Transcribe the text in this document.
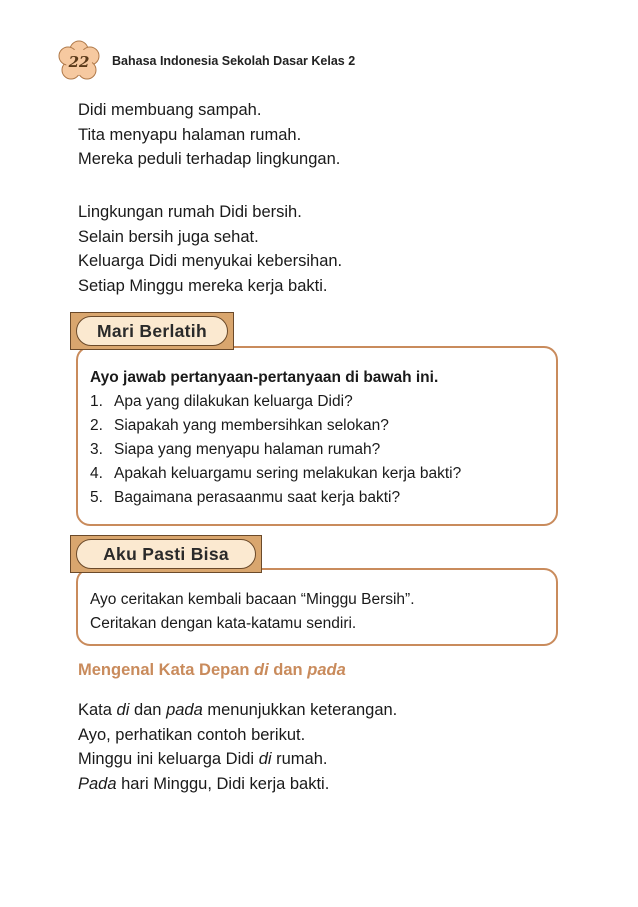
22	Bahasa Indonesia Sekolah Dasar Kelas 2
Didi membuang sampah.
Tita menyapu halaman rumah.
Mereka peduli terhadap lingkungan.
Lingkungan rumah Didi bersih.
Selain bersih juga sehat.
Keluarga Didi menyukai kebersihan.
Setiap Minggu mereka kerja bakti.
Mari Berlatih
Ayo jawab pertanyaan-pertanyaan di bawah ini.
1. Apa yang dilakukan keluarga Didi?
2. Siapakah yang membersihkan selokan?
3. Siapa yang menyapu halaman rumah?
4. Apakah keluargamu sering melakukan kerja bakti?
5. Bagaimana perasaanmu saat kerja bakti?
Aku Pasti Bisa
Ayo ceritakan kembali bacaan “Minggu Bersih”.
Ceritakan dengan kata-katamu sendiri.
Mengenal Kata Depan di dan pada
Kata di dan pada menunjukkan keterangan.
Ayo, perhatikan contoh berikut.
Minggu ini keluarga Didi di rumah.
Pada hari Minggu, Didi kerja bakti.
